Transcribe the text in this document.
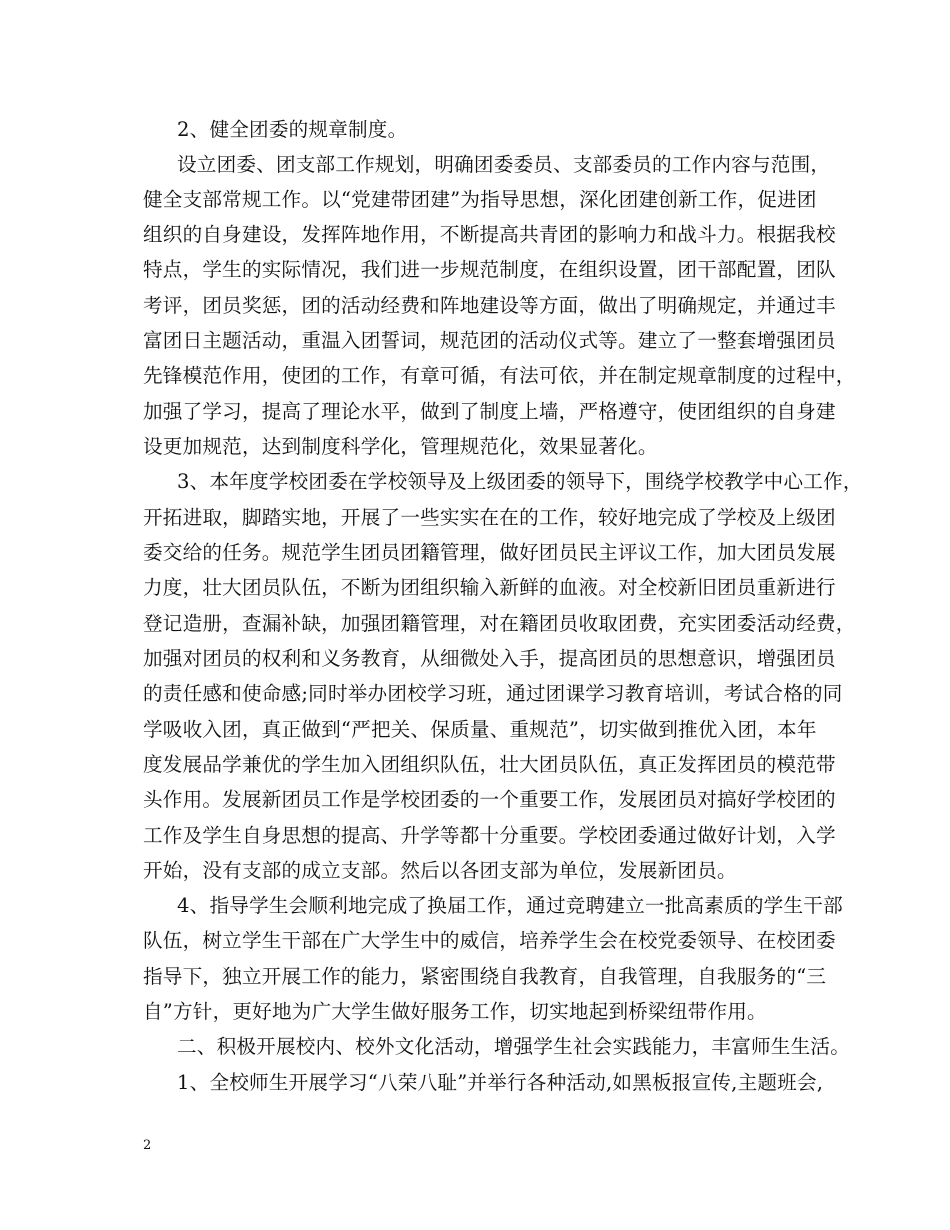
2、健全团委的规章制度。
设立团委、团支部工作规划，明确团委委员、支部委员的工作内容与范围，
健全支部常规工作。以“党建带团建”为指导思想，深化团建创新工作，促进团
组织的自身建设，发挥阵地作用，不断提高共青团的影响力和战斗力。根据我校
特点，学生的实际情况，我们进一步规范制度，在组织设置，团干部配置，团队
考评，团员奖惩，团的活动经费和阵地建设等方面，做出了明确规定，并通过丰
富团日主题活动，重温入团誓词，规范团的活动仪式等。建立了一整套增强团员
先锋模范作用，使团的工作，有章可循，有法可依，并在制定规章制度的过程中，
加强了学习，提高了理论水平，做到了制度上墙，严格遵守，使团组织的自身建
设更加规范，达到制度科学化，管理规范化，效果显著化。
3、本年度学校团委在学校领导及上级团委的领导下，围绕学校教学中心工作，
开拓进取，脚踏实地，开展了一些实实在在的工作，较好地完成了学校及上级团
委交给的任务。规范学生团员团籍管理，做好团员民主评议工作，加大团员发展
力度，壮大团员队伍，不断为团组织输入新鲜的血液。对全校新旧团员重新进行
登记造册，查漏补缺，加强团籍管理，对在籍团员收取团费，充实团委活动经费，
加强对团员的权利和义务教育，从细微处入手，提高团员的思想意识，增强团员
的责任感和使命感;同时举办团校学习班，通过团课学习教育培训，考试合格的同
学吸收入团，真正做到“严把关、保质量、重规范”，切实做到推优入团，本年
度发展品学兼优的学生加入团组织队伍，壮大团员队伍，真正发挥团员的模范带
头作用。发展新团员工作是学校团委的一个重要工作，发展团员对搞好学校团的
工作及学生自身思想的提高、升学等都十分重要。学校团委通过做好计划，入学
开始，没有支部的成立支部。然后以各团支部为单位，发展新团员。
4、指导学生会顺利地完成了换届工作，通过竞聘建立一批高素质的学生干部
队伍，树立学生干部在广大学生中的威信，培养学生会在校党委领导、在校团委
指导下，独立开展工作的能力，紧密围绕自我教育，自我管理，自我服务的“三
自”方针，更好地为广大学生做好服务工作，切实地起到桥梁纽带作用。
二、积极开展校内、校外文化活动，增强学生社会实践能力，丰富师生生活。
1、全校师生开展学习“八荣八耻”并举行各种活动,如黑板报宣传,主题班会,
2
